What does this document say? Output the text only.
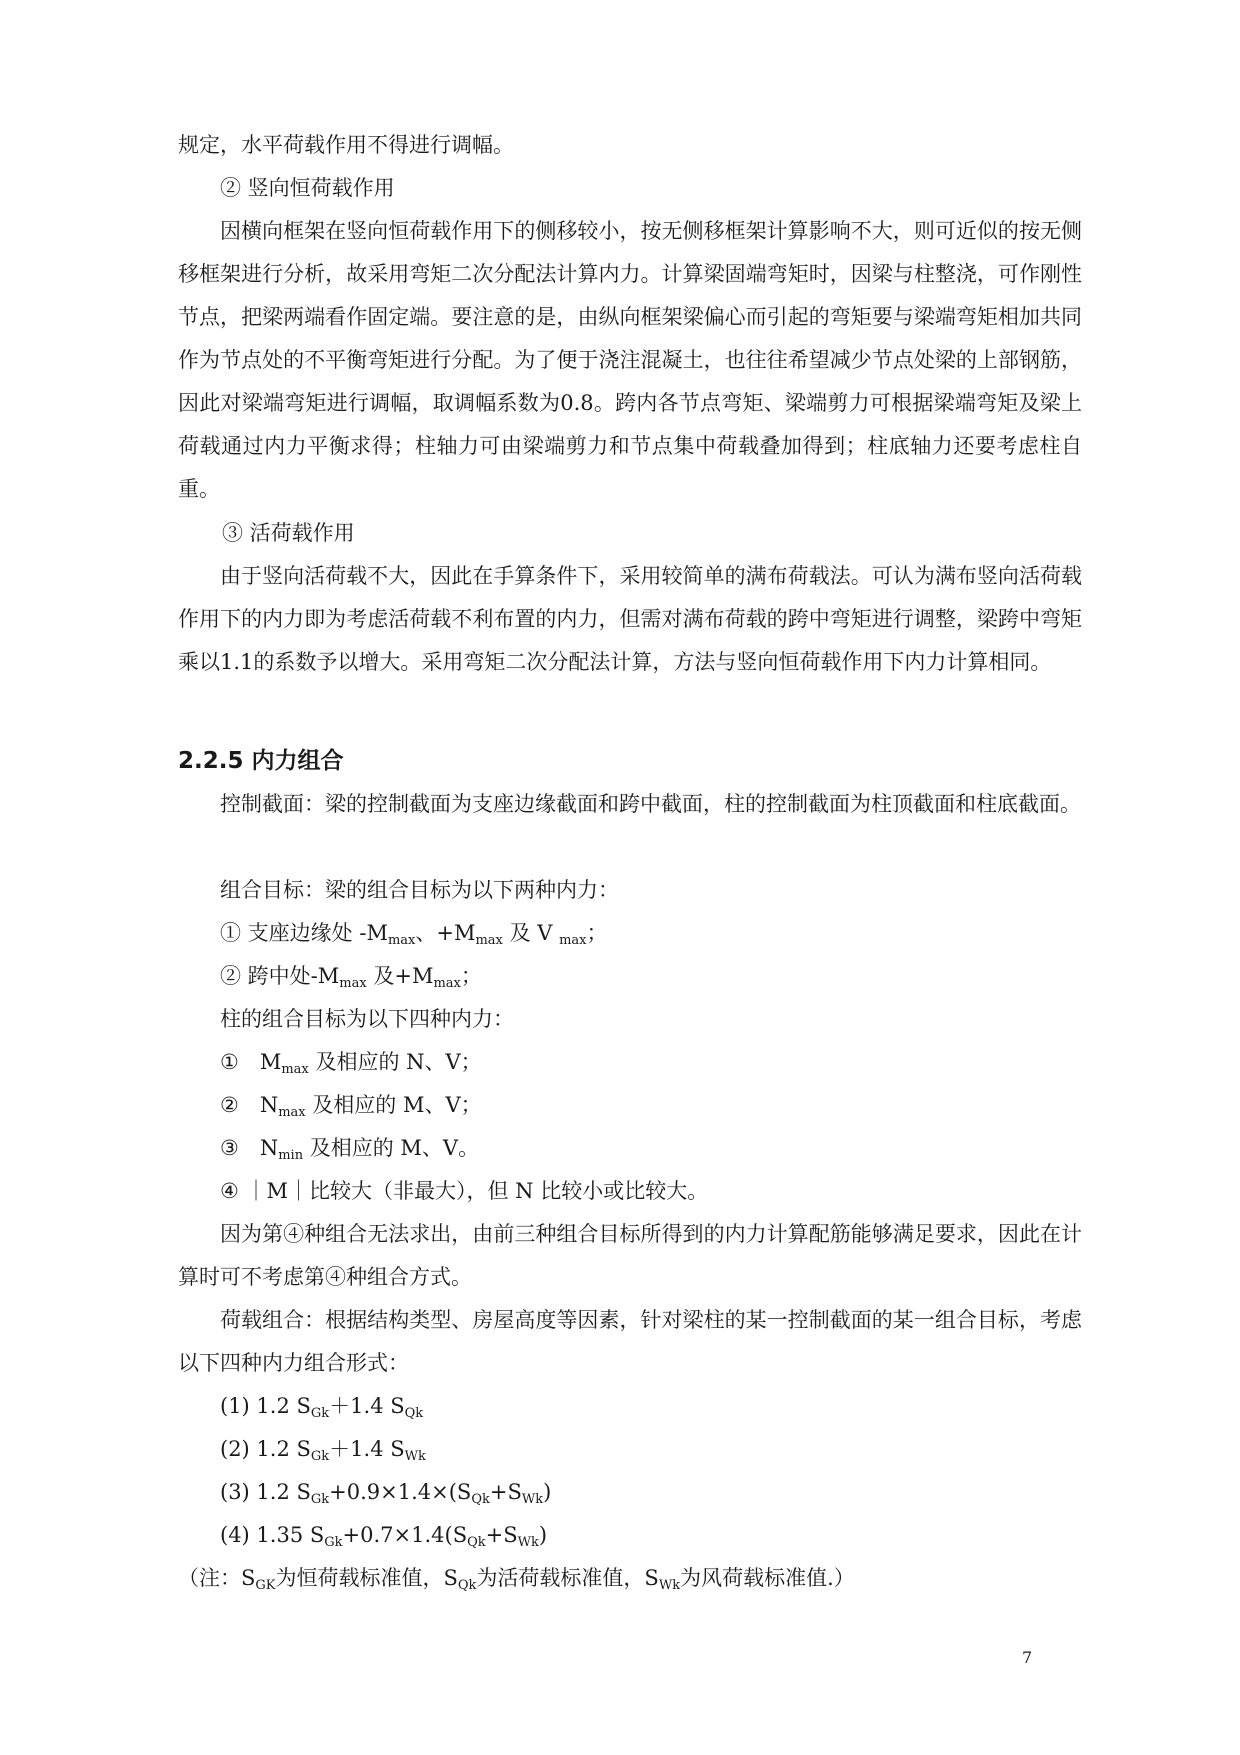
规定，水平荷载作用不得进行调幅。

② 竖向恒荷载作用

因横向框架在竖向恒荷载作用下的侧移较小，按无侧移框架计算影响不大，则可近似的按无侧移框架进行分析，故采用弯矩二次分配法计算内力。计算梁固端弯矩时，因梁与柱整浇，可作刚性节点，把梁两端看作固定端。要注意的是，由纵向框架梁偏心而引起的弯矩要与梁端弯矩相加共同作为节点处的不平衡弯矩进行分配。为了便于浇注混凝土，也往往希望减少节点处梁的上部钢筋，因此对梁端弯矩进行调幅，取调幅系数为0.8。跨内各节点弯矩、梁端剪力可根据梁端弯矩及梁上荷载通过内力平衡求得；柱轴力可由梁端剪力和节点集中荷载叠加得到；柱底轴力还要考虑柱自重。

③ 活荷载作用

由于竖向活荷载不大，因此在手算条件下，采用较简单的满布荷载法。可认为满布竖向活荷载作用下的内力即为考虑活荷载不利布置的内力，但需对满布荷载的跨中弯矩进行调整，梁跨中弯矩乘以1.1的系数予以增大。采用弯矩二次分配法计算，方法与竖向恒荷载作用下内力计算相同。

2.2.5 内力组合

控制截面：梁的控制截面为支座边缘截面和跨中截面，柱的控制截面为柱顶截面和柱底截面。

组合目标：梁的组合目标为以下两种内力：

① 支座边缘处 $-M_{max}$、$+M_{max}$ 及 V $_{max}$；

② 跨中处$-M_{max}$ 及$+M_{max}$；

柱的组合目标为以下四种内力：

①　$M_{max}$ 及相应的 N、V；

②　$N_{max}$ 及相应的 M、V；

③　$N_{min}$ 及相应的 M、V。

④ ｜M｜比较大（非最大），但 N 比较小或比较大。

因为第④种组合无法求出，由前三种组合目标所得到的内力计算配筋能够满足要求，因此在计算时可不考虑第④种组合方式。

荷载组合：根据结构类型、房屋高度等因素，针对梁柱的某一控制截面的某一组合目标，考虑以下四种内力组合形式：

(1) 1.2 $S_{Gk}+1.4$ $S_{Qk}$

(2) 1.2 $S_{Gk}+1.4$ $S_{Wk}$

(3) 1.2 $S_{Gk}+0.9\times 1.4\times(S_{Qk}+S_{Wk})$

(4) 1.35 $S_{Gk}+0.7\times 1.4(S_{Qk}+S_{Wk})$

（注：$S_{GK}$为恒荷载标准值，$S_{Qk}$为活荷载标准值，$S_{Wk}$为风荷载标准值.）

7
